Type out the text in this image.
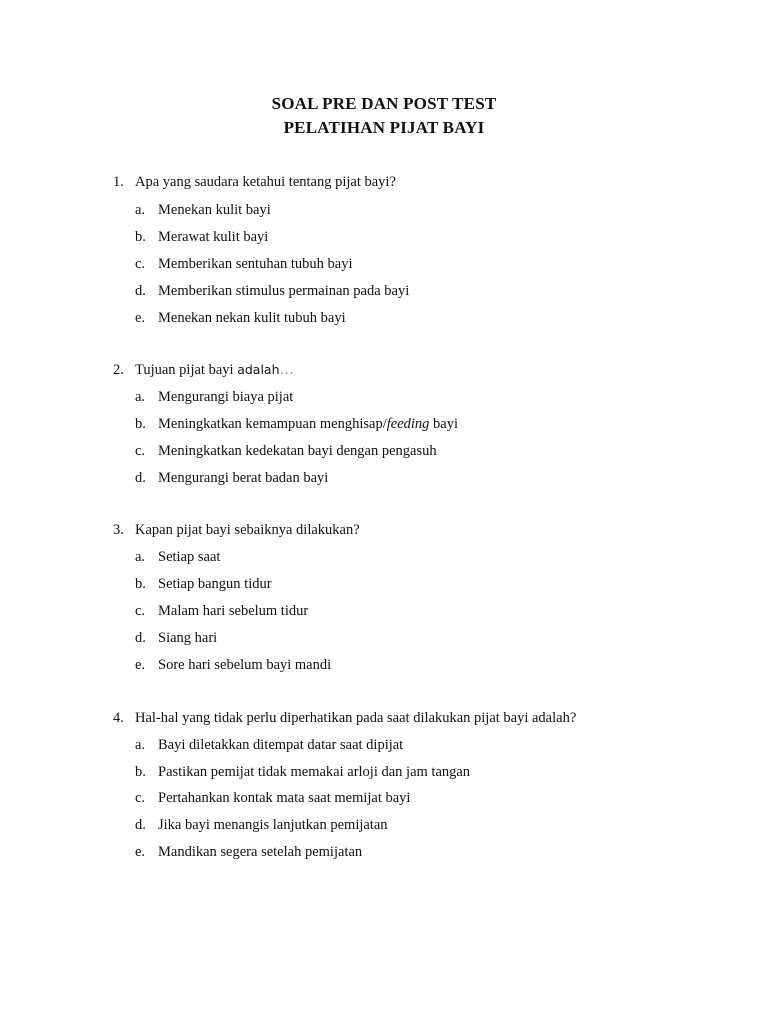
SOAL PRE DAN POST TEST
PELATIHAN PIJAT BAYI
1. Apa yang saudara ketahui tentang pijat bayi?
a. Menekan kulit bayi
b. Merawat kulit bayi
c. Memberikan sentuhan tubuh bayi
d. Memberikan stimulus permainan pada bayi
e. Menekan nekan kulit tubuh bayi
2. Tujuan pijat bayi adalah…
a. Mengurangi biaya pijat
b. Meningkatkan kemampuan menghisap/feeding bayi
c. Meningkatkan kedekatan bayi dengan pengasuh
d. Mengurangi berat badan bayi
3. Kapan pijat bayi sebaiknya dilakukan?
a. Setiap saat
b. Setiap bangun tidur
c. Malam hari sebelum tidur
d. Siang hari
e. Sore hari sebelum bayi mandi
4. Hal-hal yang tidak perlu diperhatikan pada saat dilakukan pijat bayi adalah?
a. Bayi diletakkan ditempat datar saat dipijat
b. Pastikan pemijat tidak memakai arloji dan jam tangan
c. Pertahankan kontak mata saat memijat bayi
d. Jika bayi menangis lanjutkan pemijatan
e. Mandikan segera setelah pemijatan
